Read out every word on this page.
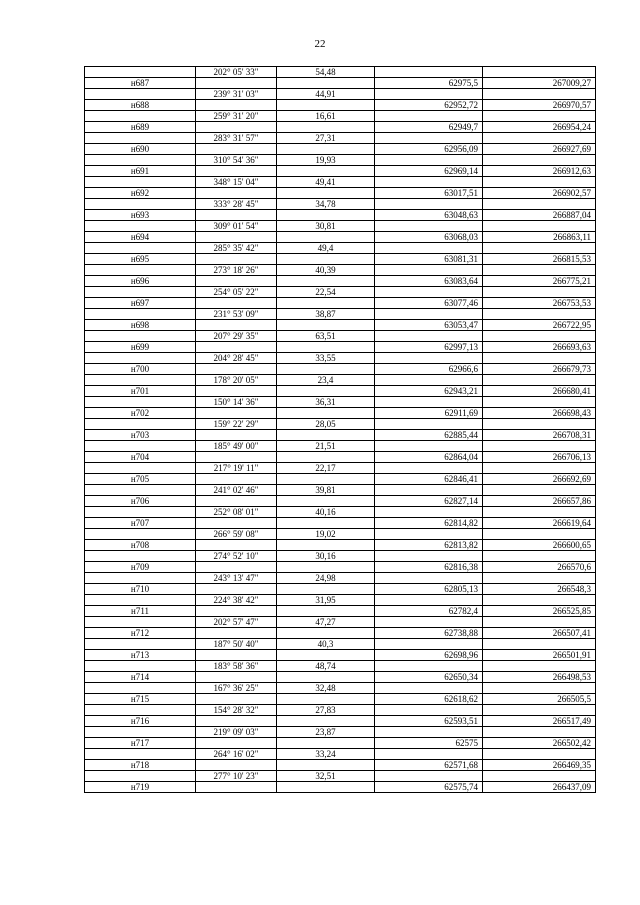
22
	202° 05' 33"	54,48		
н687			62975,5	267009,27
	239° 31' 03"	44,91		
н688			62952,72	266970,57
	259° 31' 20"	16,61		
н689			62949,7	266954,24
	283° 31' 57"	27,31		
н690			62956,09	266927,69
	310° 54' 36"	19,93		
н691			62969,14	266912,63
	348° 15' 04"	49,41		
н692			63017,51	266902,57
	333° 28' 45"	34,78		
н693			63048,63	266887,04
	309° 01' 54"	30,81		
н694			63068,03	266863,11
	285° 35' 42"	49,4		
н695			63081,31	266815,53
	273° 18' 26"	40,39		
н696			63083,64	266775,21
	254° 05' 22"	22,54		
н697			63077,46	266753,53
	231° 53' 09"	38,87		
н698			63053,47	266722,95
	207° 29' 35"	63,51		
н699			62997,13	266693,63
	204° 28' 45"	33,55		
н700			62966,6	266679,73
	178° 20' 05"	23,4		
н701			62943,21	266680,41
	150° 14' 36"	36,31		
н702			62911,69	266698,43
	159° 22' 29"	28,05		
н703			62885,44	266708,31
	185° 49' 00"	21,51		
н704			62864,04	266706,13
	217° 19' 11"	22,17		
н705			62846,41	266692,69
	241° 02' 46"	39,81		
н706			62827,14	266657,86
	252° 08' 01"	40,16		
н707			62814,82	266619,64
	266° 59' 08"	19,02		
н708			62813,82	266600,65
	274° 52' 10"	30,16		
н709			62816,38	266570,6
	243° 13' 47"	24,98		
н710			62805,13	266548,3
	224° 38' 42"	31,95		
н711			62782,4	266525,85
	202° 57' 47"	47,27		
н712			62738,88	266507,41
	187° 50' 40"	40,3		
н713			62698,96	266501,91
	183° 58' 36"	48,74		
н714			62650,34	266498,53
	167° 36' 25"	32,48		
н715			62618,62	266505,5
	154° 28' 32"	27,83		
н716			62593,51	266517,49
	219° 09' 03"	23,87		
н717			62575	266502,42
	264° 16' 02"	33,24		
н718			62571,68	266469,35
	277° 10' 23"	32,51		
н719			62575,74	266437,09
